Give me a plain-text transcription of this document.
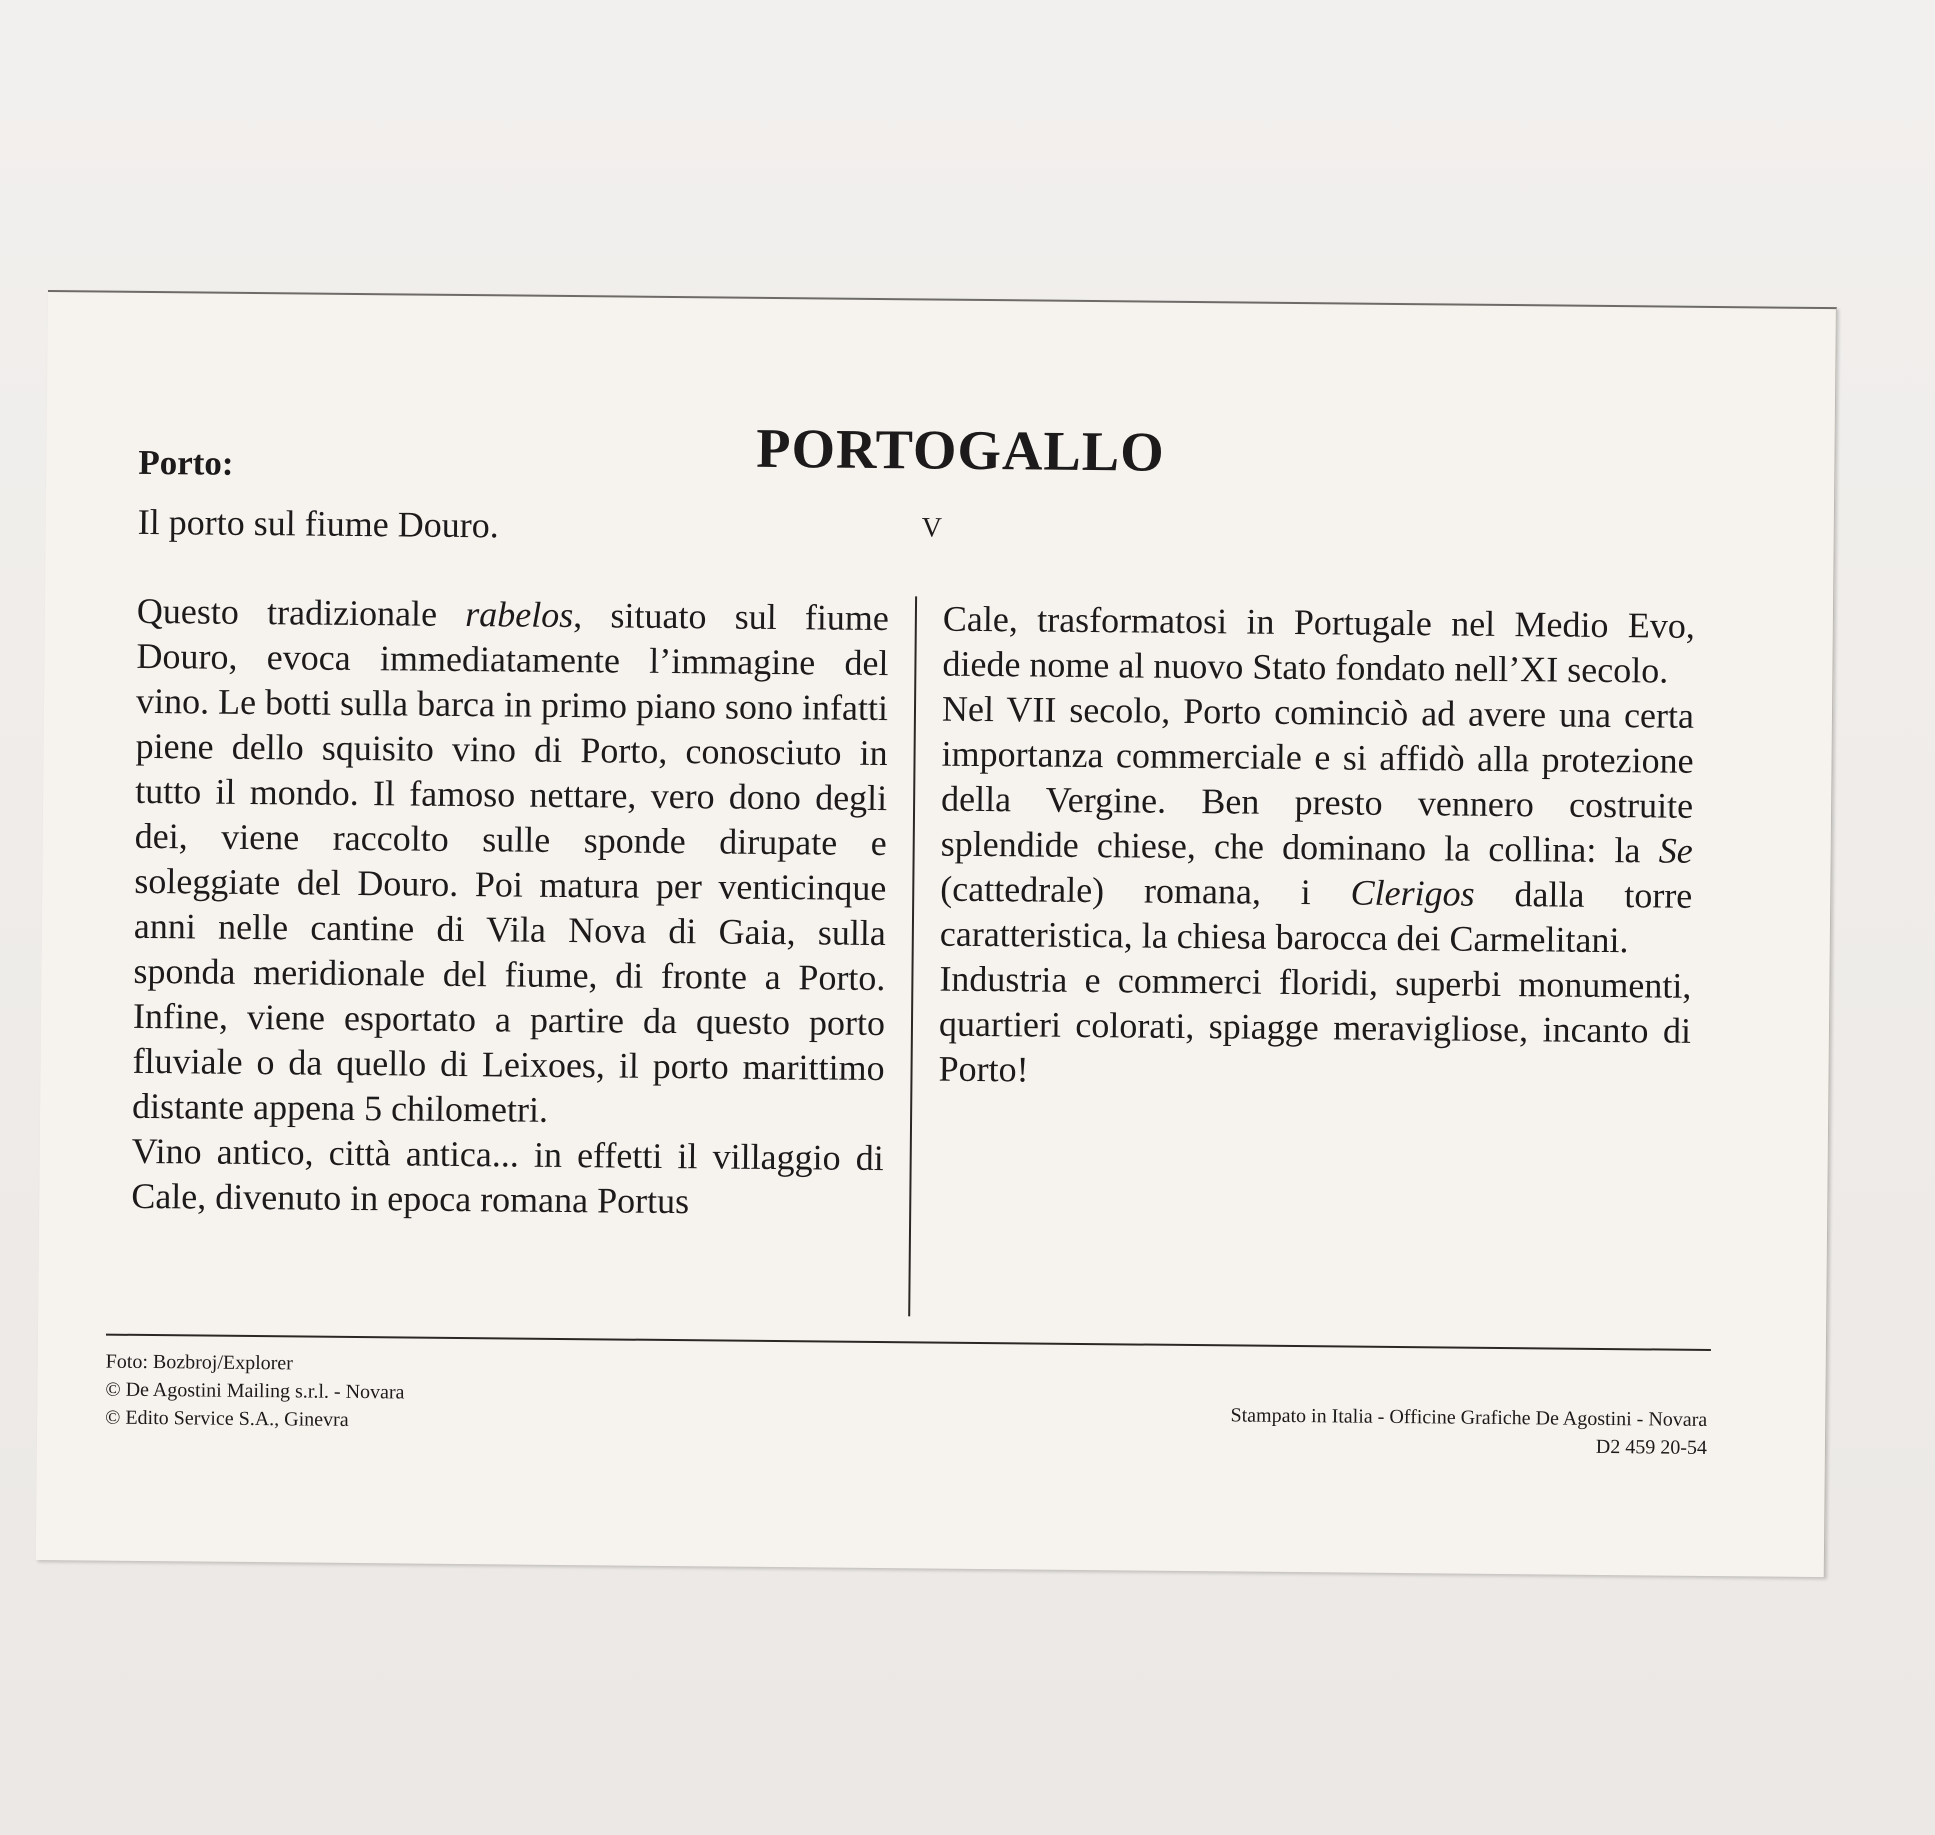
PORTOGALLO
V
Porto:
Il porto sul fiume Douro.

Questo tradizionale rabelos, situato sul fiume Douro, evoca immediatamente l’immagine del vino. Le botti sulla barca in primo piano sono infatti piene dello squisito vino di Porto, conosciuto in tutto il mondo. Il famoso nettare, vero dono degli dei, viene raccolto sulle sponde dirupate e soleggiate del Douro. Poi matura per venticinque anni nelle cantine di Vila Nova di Gaia, sulla sponda meridionale del fiume, di fronte a Porto. Infine, viene esportato a partire da questo porto fluviale o da quello di Leixoes, il porto marittimo distante appena 5 chilometri.

Vino antico, città antica... in effetti il villaggio di Cale, divenuto in epoca romana Portus

Cale, trasformatosi in Portugale nel Medio Evo, diede nome al nuovo Stato fondato nell’XI secolo.

Nel VII secolo, Porto cominciò ad avere una certa importanza commerciale e si affidò alla protezione della Vergine. Ben presto vennero costruite splendide chiese, che dominano la collina: la Se (cattedrale) romana, i Clerigos dalla torre caratteristica, la chiesa barocca dei Carmelitani.

Industria e commerci floridi, superbi monumenti, quartieri colorati, spiagge meravigliose, incanto di Porto!

Foto: Bozbroj/Explorer
© De Agostini Mailing s.r.l. - Novara
© Edito Service S.A., Ginevra	Stampato in Italia - Officine Grafiche De Agostini - Novara
D2 459 20-54
